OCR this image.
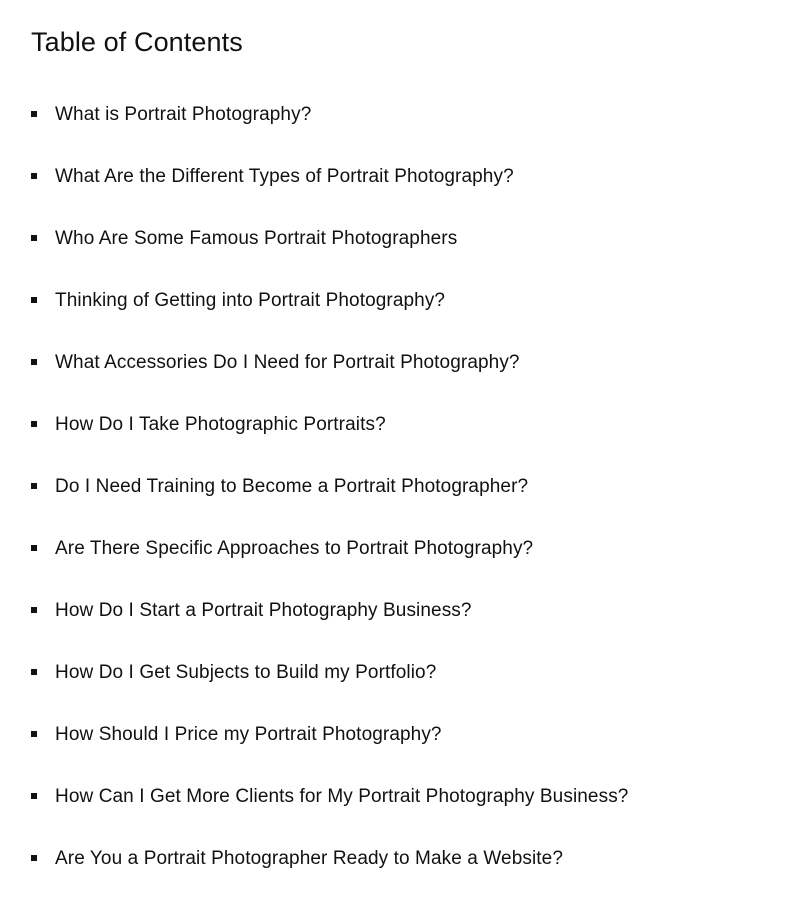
Table of Contents
What is Portrait Photography?
What Are the Different Types of Portrait Photography?
Who Are Some Famous Portrait Photographers
Thinking of Getting into Portrait Photography?
What Accessories Do I Need for Portrait Photography?
How Do I Take Photographic Portraits?
Do I Need Training to Become a Portrait Photographer?
Are There Specific Approaches to Portrait Photography?
How Do I Start a Portrait Photography Business?
How Do I Get Subjects to Build my Portfolio?
How Should I Price my Portrait Photography?
How Can I Get More Clients for My Portrait Photography Business?
Are You a Portrait Photographer Ready to Make a Website?
